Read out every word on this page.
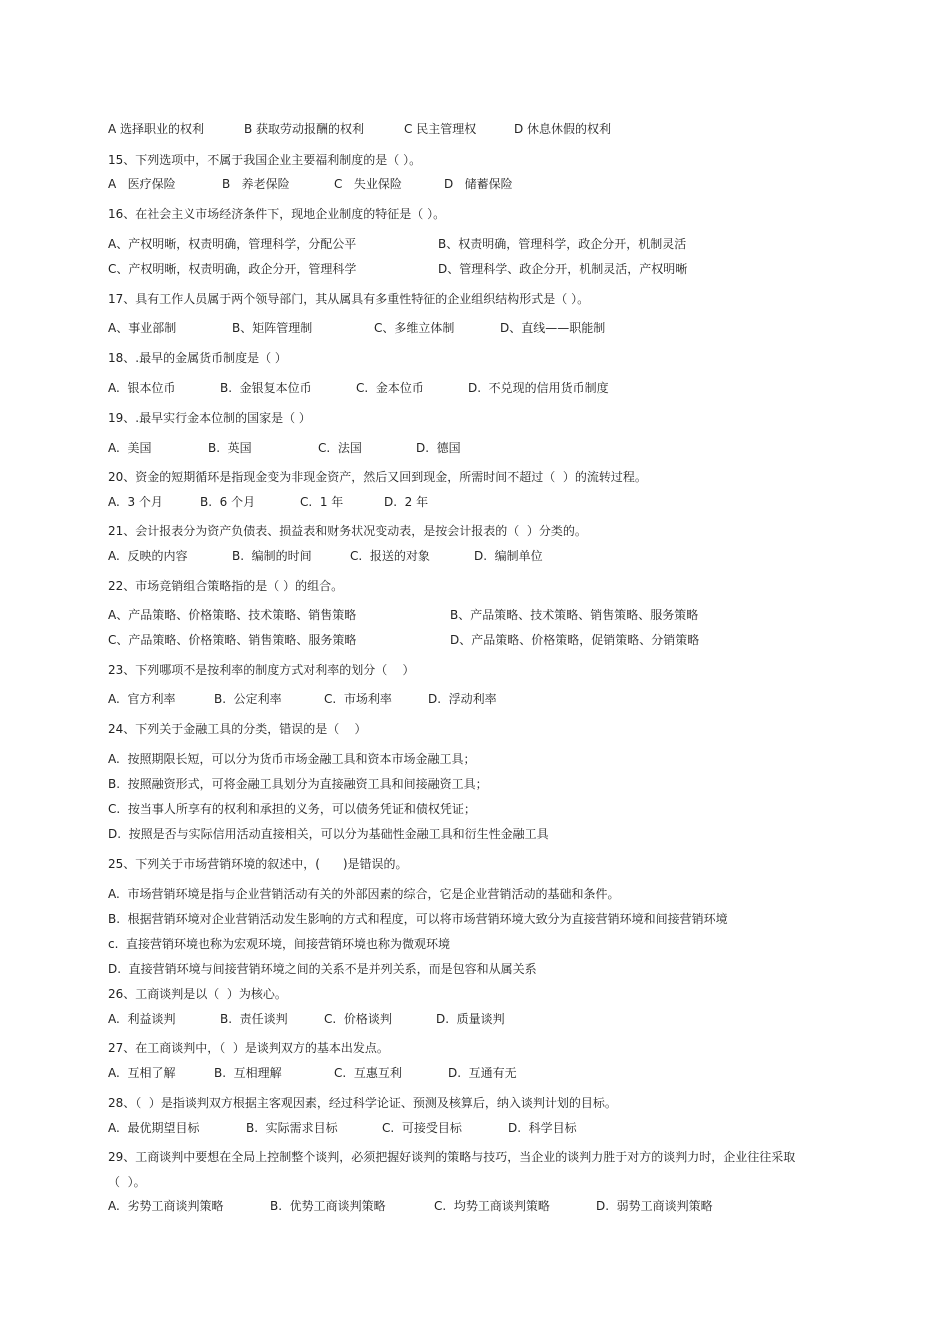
A 选择职业的权利	B 获取劳动报酬的权利	C 民主管理权	D 休息休假的权利
15、下列选项中，不属于我国企业主要福利制度的是（ ）。
A   医疗保险	B   养老保险	C   失业保险	D   储蓄保险
16、在社会主义市场经济条件下，现地企业制度的特征是（ ）。
A、产权明晰，权责明确，管理科学，分配公平	B、权责明确，管理科学，政企分开，机制灵活
C、产权明晰，权责明确，政企分开，管理科学	D、管理科学、政企分开，机制灵活，产权明晰
17、具有工作人员属于两个领导部门，其从属具有多重性特征的企业组织结构形式是（ ）。
A、事业部制	B、矩阵管理制	C、多维立体制	D、直线——职能制
18、.最早的金属货币制度是（ ）
A.  银本位币	B.  金银复本位币	C.  金本位币	D.  不兑现的信用货币制度
19、.最早实行金本位制的国家是（ ）
A.  美国	B.  英国	C.  法国	D.  德国
20、资金的短期循环是指现金变为非现金资产，然后又回到现金，所需时间不超过（  ）的流转过程。
A.  3 个月	B.  6 个月	C.  1 年	D.  2 年
21、会计报表分为资产负债表、损益表和财务状况变动表，是按会计报表的（  ）分类的。
A.  反映的内容	B.  编制的时间	C.  报送的对象	D.  编制单位
22、市场竞销组合策略指的是（ ）的组合。
A、产品策略、价格策略、技术策略、销售策略	B、产品策略、技术策略、销售策略、服务策略
C、产品策略、价格策略、销售策略、服务策略	D、产品策略、价格策略，促销策略、分销策略
23、下列哪项不是按利率的制度方式对利率的划分（    ）
A.  官方利率	B.  公定利率	C.  市场利率	D.  浮动利率
24、下列关于金融工具的分类，错误的是（    ）
A.  按照期限长短，可以分为货币市场金融工具和资本市场金融工具；
B.  按照融资形式，可将金融工具划分为直接融资工具和间接融资工具；
C.  按当事人所享有的权利和承担的义务，可以债务凭证和债权凭证；
D.  按照是否与实际信用活动直接相关，可以分为基础性金融工具和衍生性金融工具
25、下列关于市场营销环境的叙述中，(      )是错误的。
A.  市场营销环境是指与企业营销活动有关的外部因素的综合，它是企业营销活动的基础和条件。
B.  根据营销环境对企业营销活动发生影响的方式和程度，可以将市场营销环境大致分为直接营销环境和间接营销环境
c.  直接营销环境也称为宏观环境，间接营销环境也称为微观环境
D.  直接营销环境与间接营销环境之间的关系不是并列关系，而是包容和从属关系
26、工商谈判是以（  ）为核心。
A.  利益谈判	B.  责任谈判	C.  价格谈判	D.  质量谈判
27、在工商谈判中，（  ）是谈判双方的基本出发点。
A.  互相了解	B.  互相理解	C.  互惠互利	D.  互通有无
28、（  ）是指谈判双方根据主客观因素，经过科学论证、预测及核算后，纳入谈判计划的目标。
A.  最优期望目标	B.  实际需求目标	C.  可接受目标	D.  科学目标
29、工商谈判中要想在全局上控制整个谈判，必须把握好谈判的策略与技巧，当企业的谈判力胜于对方的谈判力时，企业往往采取
（  ）。
A.  劣势工商谈判策略	B.  优势工商谈判策略	C.  均势工商谈判策略	D.  弱势工商谈判策略
